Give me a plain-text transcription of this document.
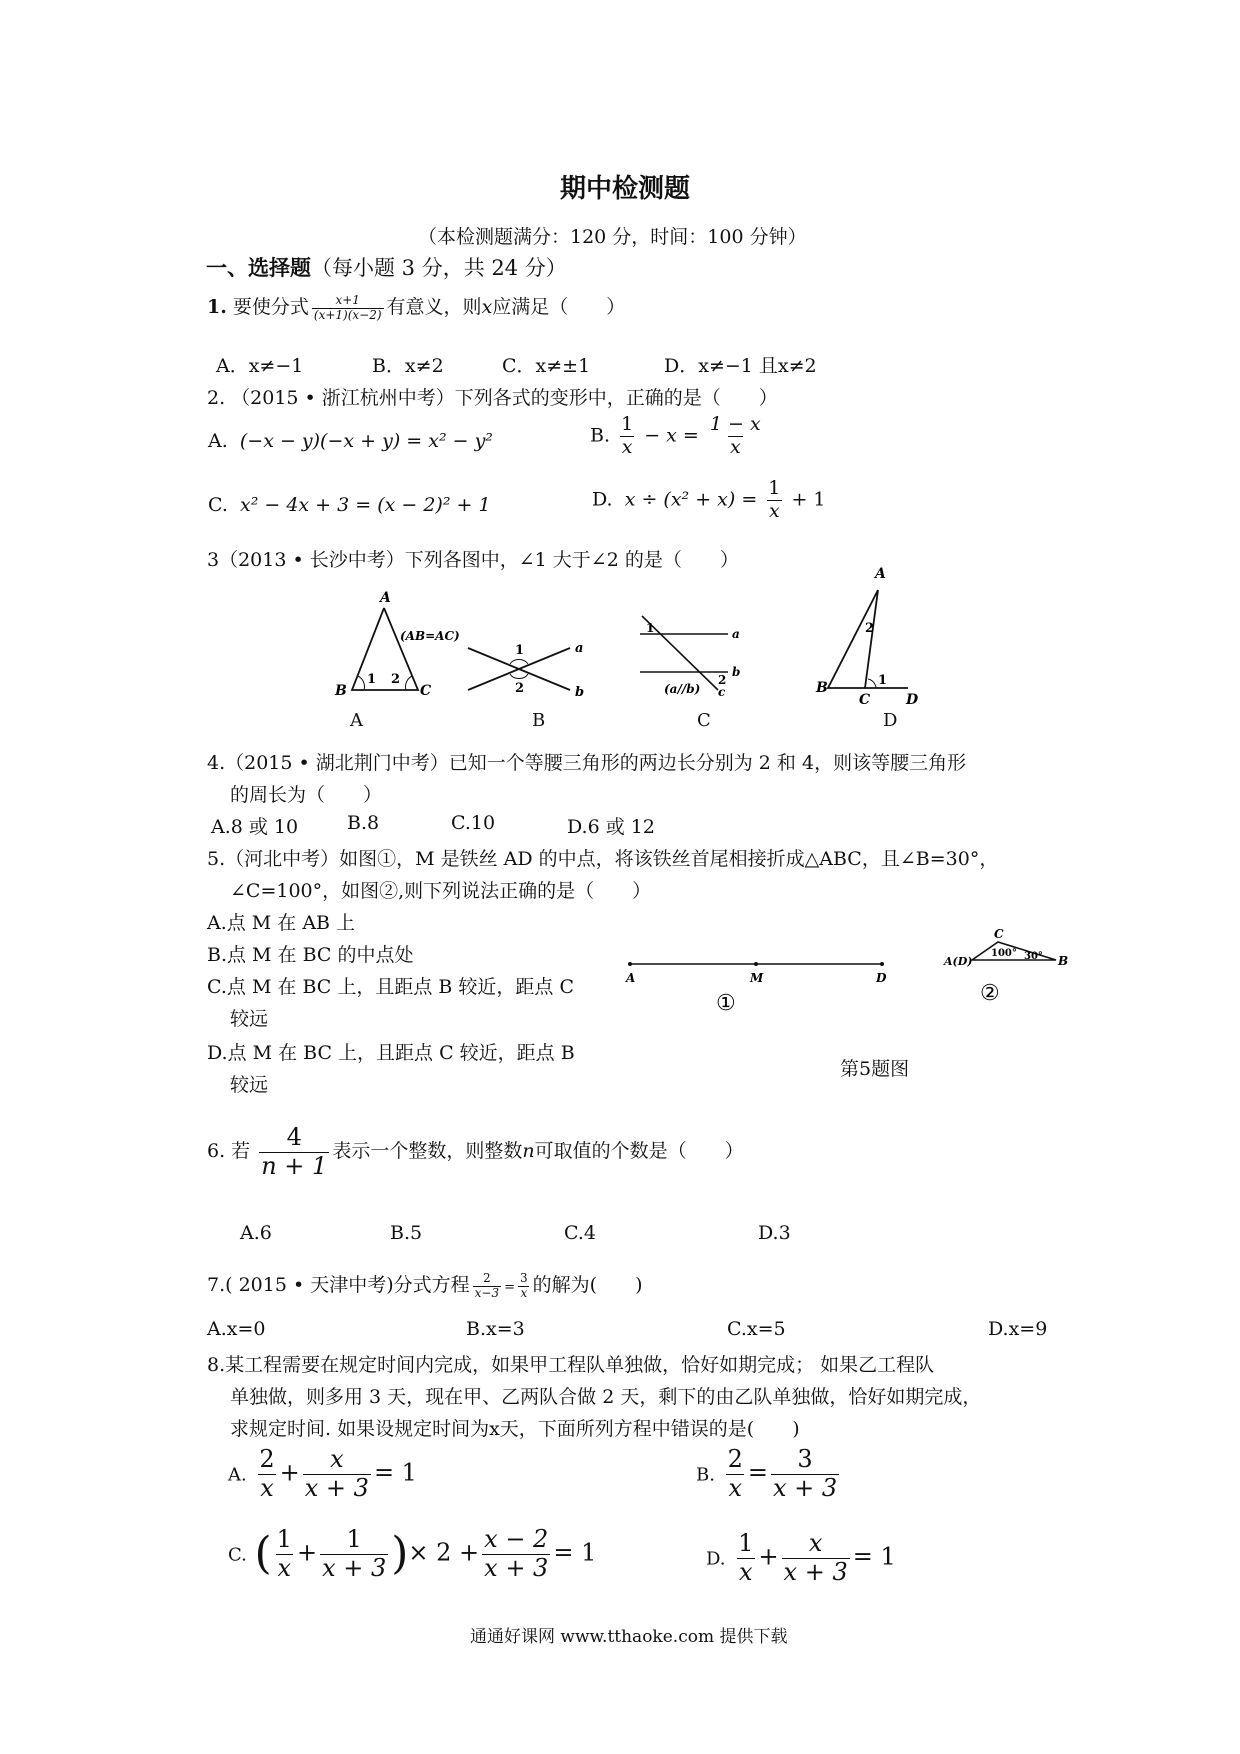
期中检测题
（本检测题满分：120 分，时间：100 分钟）
一、选择题（每小题 3 分，共 24 分）
1. 要使分式 $\frac{x+1}{(x+1)(x-2)}$ 有意义，则x应满足（　　）
A．x≠−1	B．x≠2	C．x≠±1	D．x≠−1 且x≠2
2. （2015 • 浙江杭州中考）下列各式的变形中，正确的是（　　）
A. (−x − y)(−x + y) = x² − y²	B. $\frac{1}{x} - x = \frac{1 - x}{x}$
C. x² − 4x + 3 = (x − 2)² + 1	D. $x \div (x^2 + x) = \frac{1}{x} + 1$
3（2013 • 长沙中考）下列各图中，∠1 大于∠2 的是（　　）
A
B	C
1 2
(AB=AC)
1
2
a
b
1
2
a
b
c
(a//b)
A
B
C	D
1
2
A	B	C	D
4.（2015 • 湖北荆门中考）已知一个等腰三角形的两边长分别为 2 和 4，则该等腰三角形
的周长为（　　）
A.8 或 10	B.8	C.10	D.6 或 12
5.（河北中考）如图①，M 是铁丝 AD 的中点，将该铁丝首尾相接折成△ABC，且∠B=30°，
∠C=100°，如图②,则下列说法正确的是（　　）
A.点 M 在 AB 上
B.点 M 在 BC 的中点处
C.点 M 在 BC 上，且距点 B 较近，距点 C
较远
D.点 M 在 BC 上，且距点 C 较近，距点 B
较远
A	M	D
①
C
A(D)	B
100° 30°
②
第5题图
6. 若 $\frac{4}{n + 1}$ 表示一个整数，则整数n可取值的个数是（　　）
A.6	B.5	C.4	D.3
7.( 2015 • 天津中考)分式方程 $\frac{2}{x-3} = \frac{3}{x}$ 的解为(　　)
A.x=0	B.x=3	C.x=5	D.x=9
8.某工程需要在规定时间内完成，如果甲工程队单独做，恰好如期完成； 如果乙工程队
单独做，则多用 3 天，现在甲、乙两队合做 2 天，剩下的由乙队单独做，恰好如期完成，
求规定时间. 如果设规定时间为x天，下面所列方程中错误的是(　　)
A. $\frac{2}{x} + \frac{x}{x + 3} = 1$	B. $\frac{2}{x} = \frac{3}{x + 3}$
C. ( $\frac{1}{x} + \frac{1}{x + 3}$ )× $2 + \frac{x - 2}{x + 3} = 1$	D. $\frac{1}{x} + \frac{x}{x + 3} = 1$
通通好课网 www.tthaoke.com 提供下载
